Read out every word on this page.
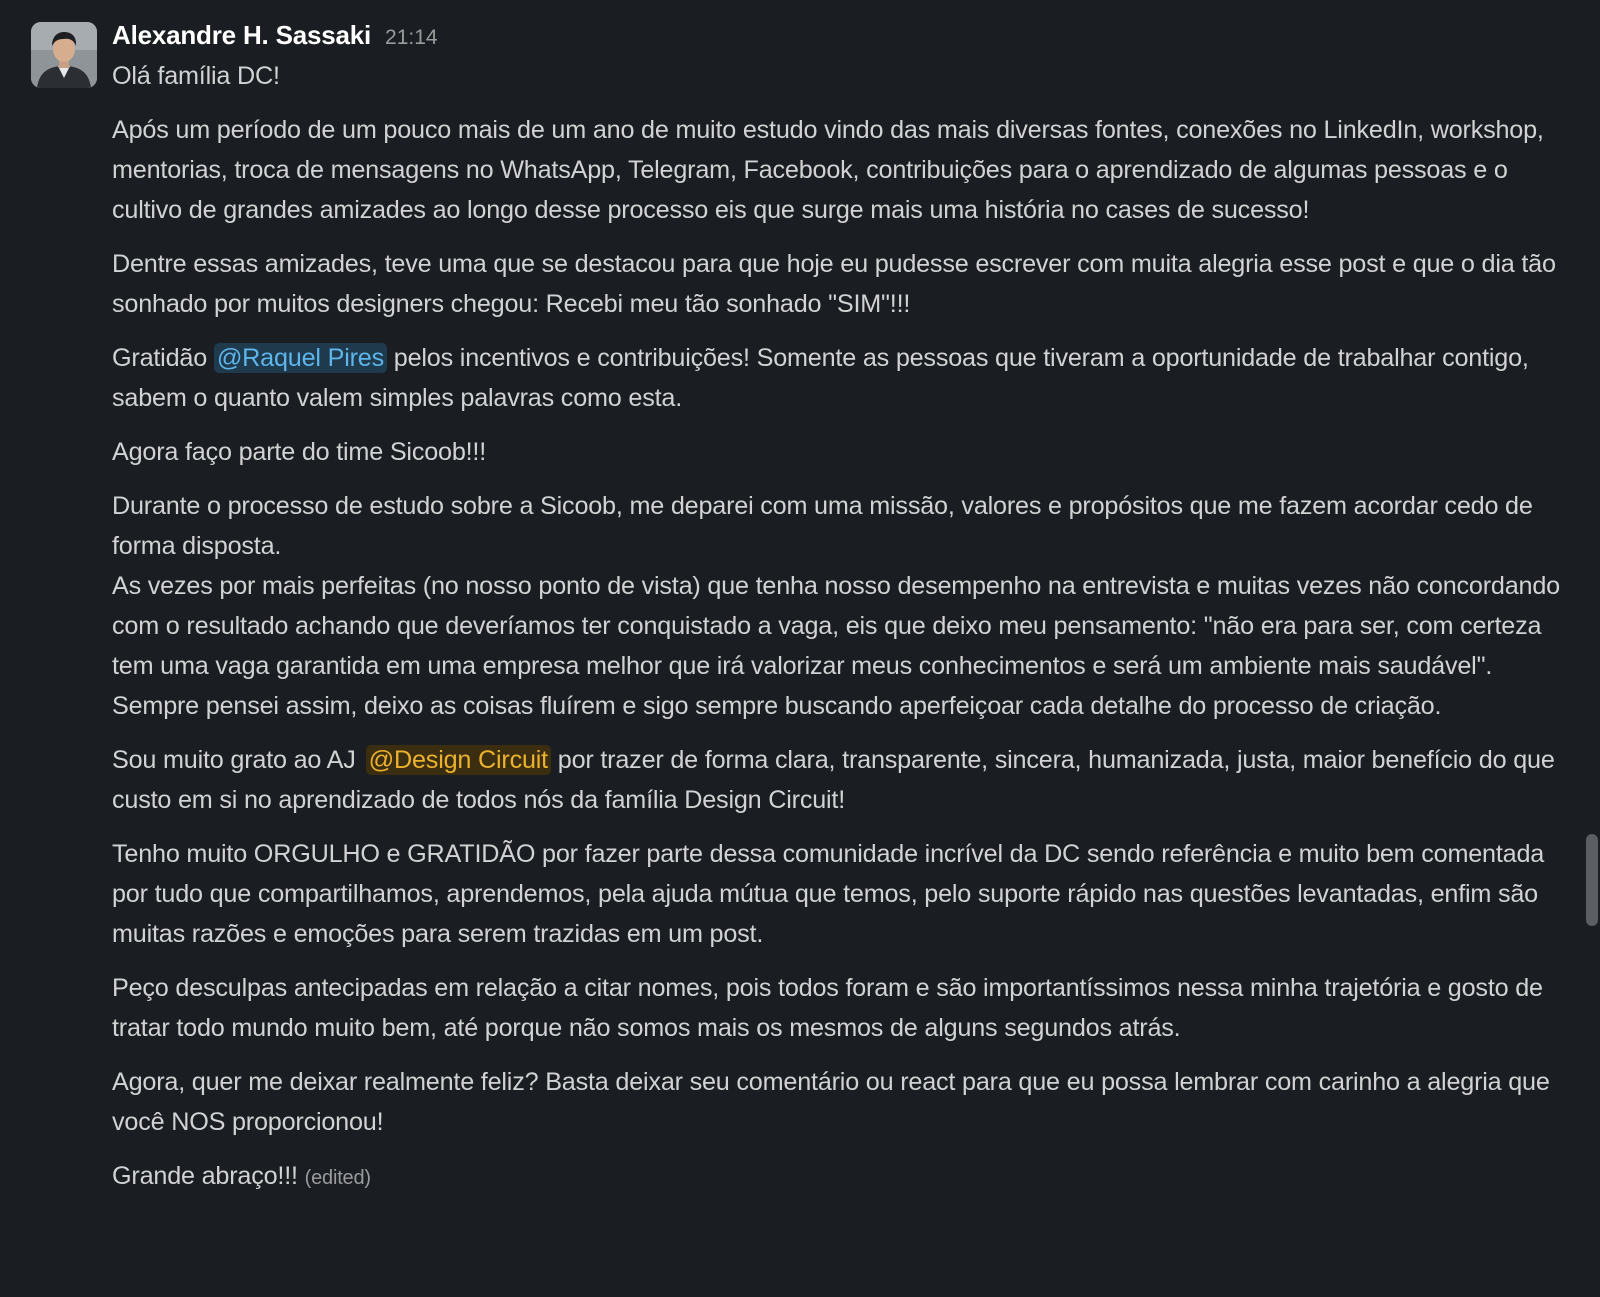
Alexandre H. Sassaki 21:14

Olá família DC!

Após um período de um pouco mais de um ano de muito estudo vindo das mais diversas fontes, conexões no LinkedIn, workshop, mentorias, troca de mensagens no WhatsApp, Telegram, Facebook, contribuições para o aprendizado de algumas pessoas e o cultivo de grandes amizades ao longo desse processo eis que surge mais uma história no cases de sucesso!

Dentre essas amizades, teve uma que se destacou para que hoje eu pudesse escrever com muita alegria esse post e que o dia tão sonhado por muitos designers chegou: Recebi meu tão sonhado "SIM"!!!

Gratidão @Raquel Pires pelos incentivos e contribuições! Somente as pessoas que tiveram a oportunidade de trabalhar contigo, sabem o quanto valem simples palavras como esta.

Agora faço parte do time Sicoob!!!

Durante o processo de estudo sobre a Sicoob, me deparei com uma missão, valores e propósitos que me fazem acordar cedo de forma disposta.

As vezes por mais perfeitas (no nosso ponto de vista) que tenha nosso desempenho na entrevista e muitas vezes não concordando com o resultado achando que deveríamos ter conquistado a vaga, eis que deixo meu pensamento: "não era para ser, com certeza tem uma vaga garantida em uma empresa melhor que irá valorizar meus conhecimentos e será um ambiente mais saudável". Sempre pensei assim, deixo as coisas fluírem e sigo sempre buscando aperfeiçoar cada detalhe do processo de criação.

Sou muito grato ao AJ @Design Circuit por trazer de forma clara, transparente, sincera, humanizada, justa, maior benefício do que custo em si no aprendizado de todos nós da família Design Circuit!

Tenho muito ORGULHO e GRATIDÃO por fazer parte dessa comunidade incrível da DC sendo referência e muito bem comentada por tudo que compartilhamos, aprendemos, pela ajuda mútua que temos, pelo suporte rápido nas questões levantadas, enfim são muitas razões e emoções para serem trazidas em um post.

Peço desculpas antecipadas em relação a citar nomes, pois todos foram e são importantíssimos nessa minha trajetória e gosto de tratar todo mundo muito bem, até porque não somos mais os mesmos de alguns segundos atrás.

Agora, quer me deixar realmente feliz? Basta deixar seu comentário ou react para que eu possa lembrar com carinho a alegria que você NOS proporcionou!

Grande abraço!!! (edited)
